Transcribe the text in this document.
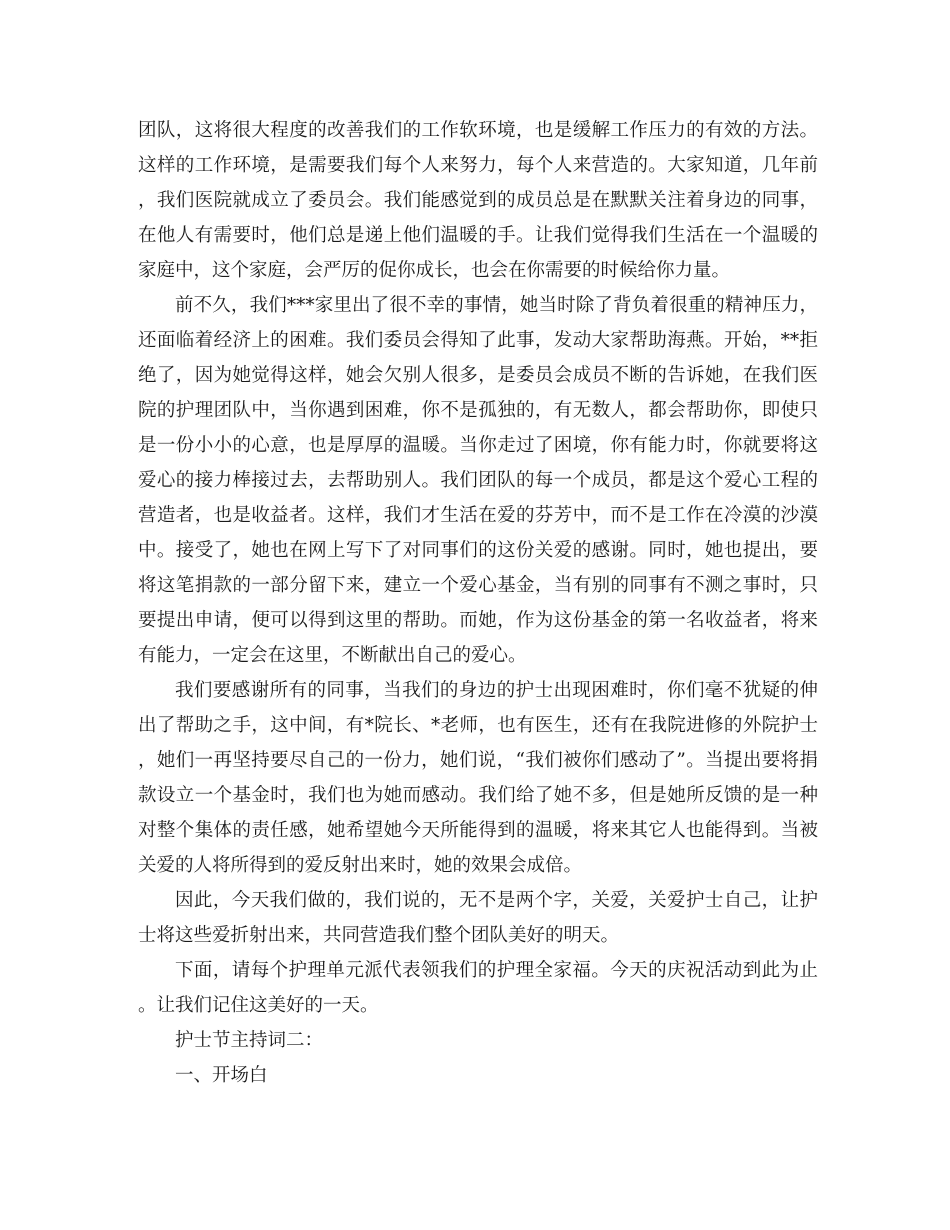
团队，这将很大程度的改善我们的工作软环境，也是缓解工作压力的有效的方法。这样的工作环境，是需要我们每个人来努力，每个人来营造的。大家知道，几年前，我们医院就成立了委员会。我们能感觉到的成员总是在默默关注着身边的同事，在他人有需要时，他们总是递上他们温暖的手。让我们觉得我们生活在一个温暖的家庭中，这个家庭，会严厉的促你成长，也会在你需要的时候给你力量。

前不久，我们***家里出了很不幸的事情，她当时除了背负着很重的精神压力，还面临着经济上的困难。我们委员会得知了此事，发动大家帮助海燕。开始，**拒绝了，因为她觉得这样，她会欠别人很多，是委员会成员不断的告诉她，在我们医院的护理团队中，当你遇到困难，你不是孤独的，有无数人，都会帮助你，即使只是一份小小的心意，也是厚厚的温暖。当你走过了困境，你有能力时，你就要将这爱心的接力棒接过去，去帮助别人。我们团队的每一个成员，都是这个爱心工程的营造者，也是收益者。这样，我们才生活在爱的芬芳中，而不是工作在冷漠的沙漠中。接受了，她也在网上写下了对同事们的这份关爱的感谢。同时，她也提出，要将这笔捐款的一部分留下来，建立一个爱心基金，当有别的同事有不测之事时，只要提出申请，便可以得到这里的帮助。而她，作为这份基金的第一名收益者，将来有能力，一定会在这里，不断献出自己的爱心。

我们要感谢所有的同事，当我们的身边的护士出现困难时，你们毫不犹疑的伸出了帮助之手，这中间，有*院长、*老师，也有医生，还有在我院进修的外院护士，她们一再坚持要尽自己的一份力，她们说，“我们被你们感动了”。当提出要将捐款设立一个基金时，我们也为她而感动。我们给了她不多，但是她所反馈的是一种对整个集体的责任感，她希望她今天所能得到的温暖，将来其它人也能得到。当被关爱的人将所得到的爱反射出来时，她的效果会成倍。

因此，今天我们做的，我们说的，无不是两个字，关爱，关爱护士自己，让护士将这些爱折射出来，共同营造我们整个团队美好的明天。

下面，请每个护理单元派代表领我们的护理全家福。今天的庆祝活动到此为止。让我们记住这美好的一天。

护士节主持词二：

一、开场白
